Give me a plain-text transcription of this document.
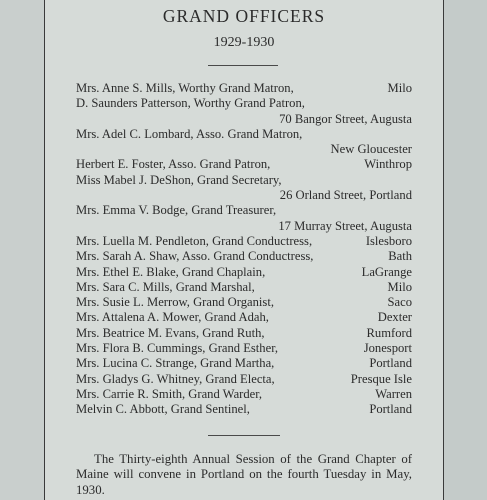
GRAND OFFICERS
1929-1930
Mrs. Anne S. Mills, Worthy Grand Matron,	Milo
D. Saunders Patterson, Worthy Grand Patron,
70 Bangor Street, Augusta
Mrs. Adel C. Lombard, Asso. Grand Matron,
New Gloucester
Herbert E. Foster, Asso. Grand Patron,	Winthrop
Miss Mabel J. DeShon, Grand Secretary,
26 Orland Street, Portland
Mrs. Emma V. Bodge, Grand Treasurer,
17 Murray Street, Augusta
Mrs. Luella M. Pendleton, Grand Conductress,	Islesboro
Mrs. Sarah A. Shaw, Asso. Grand Conductress,	Bath
Mrs. Ethel E. Blake, Grand Chaplain,	LaGrange
Mrs. Sara C. Mills, Grand Marshal,	Milo
Mrs. Susie L. Merrow, Grand Organist,	Saco
Mrs. Attalena A. Mower, Grand Adah,	Dexter
Mrs. Beatrice M. Evans, Grand Ruth,	Rumford
Mrs. Flora B. Cummings, Grand Esther,	Jonesport
Mrs. Lucina C. Strange, Grand Martha,	Portland
Mrs. Gladys G. Whitney, Grand Electa,	Presque Isle
Mrs. Carrie R. Smith, Grand Warder,	Warren
Melvin C. Abbott, Grand Sentinel,	Portland
The Thirty-eighth Annual Session of the Grand Chapter of Maine will convene in Portland on the fourth Tuesday in May, 1930.
